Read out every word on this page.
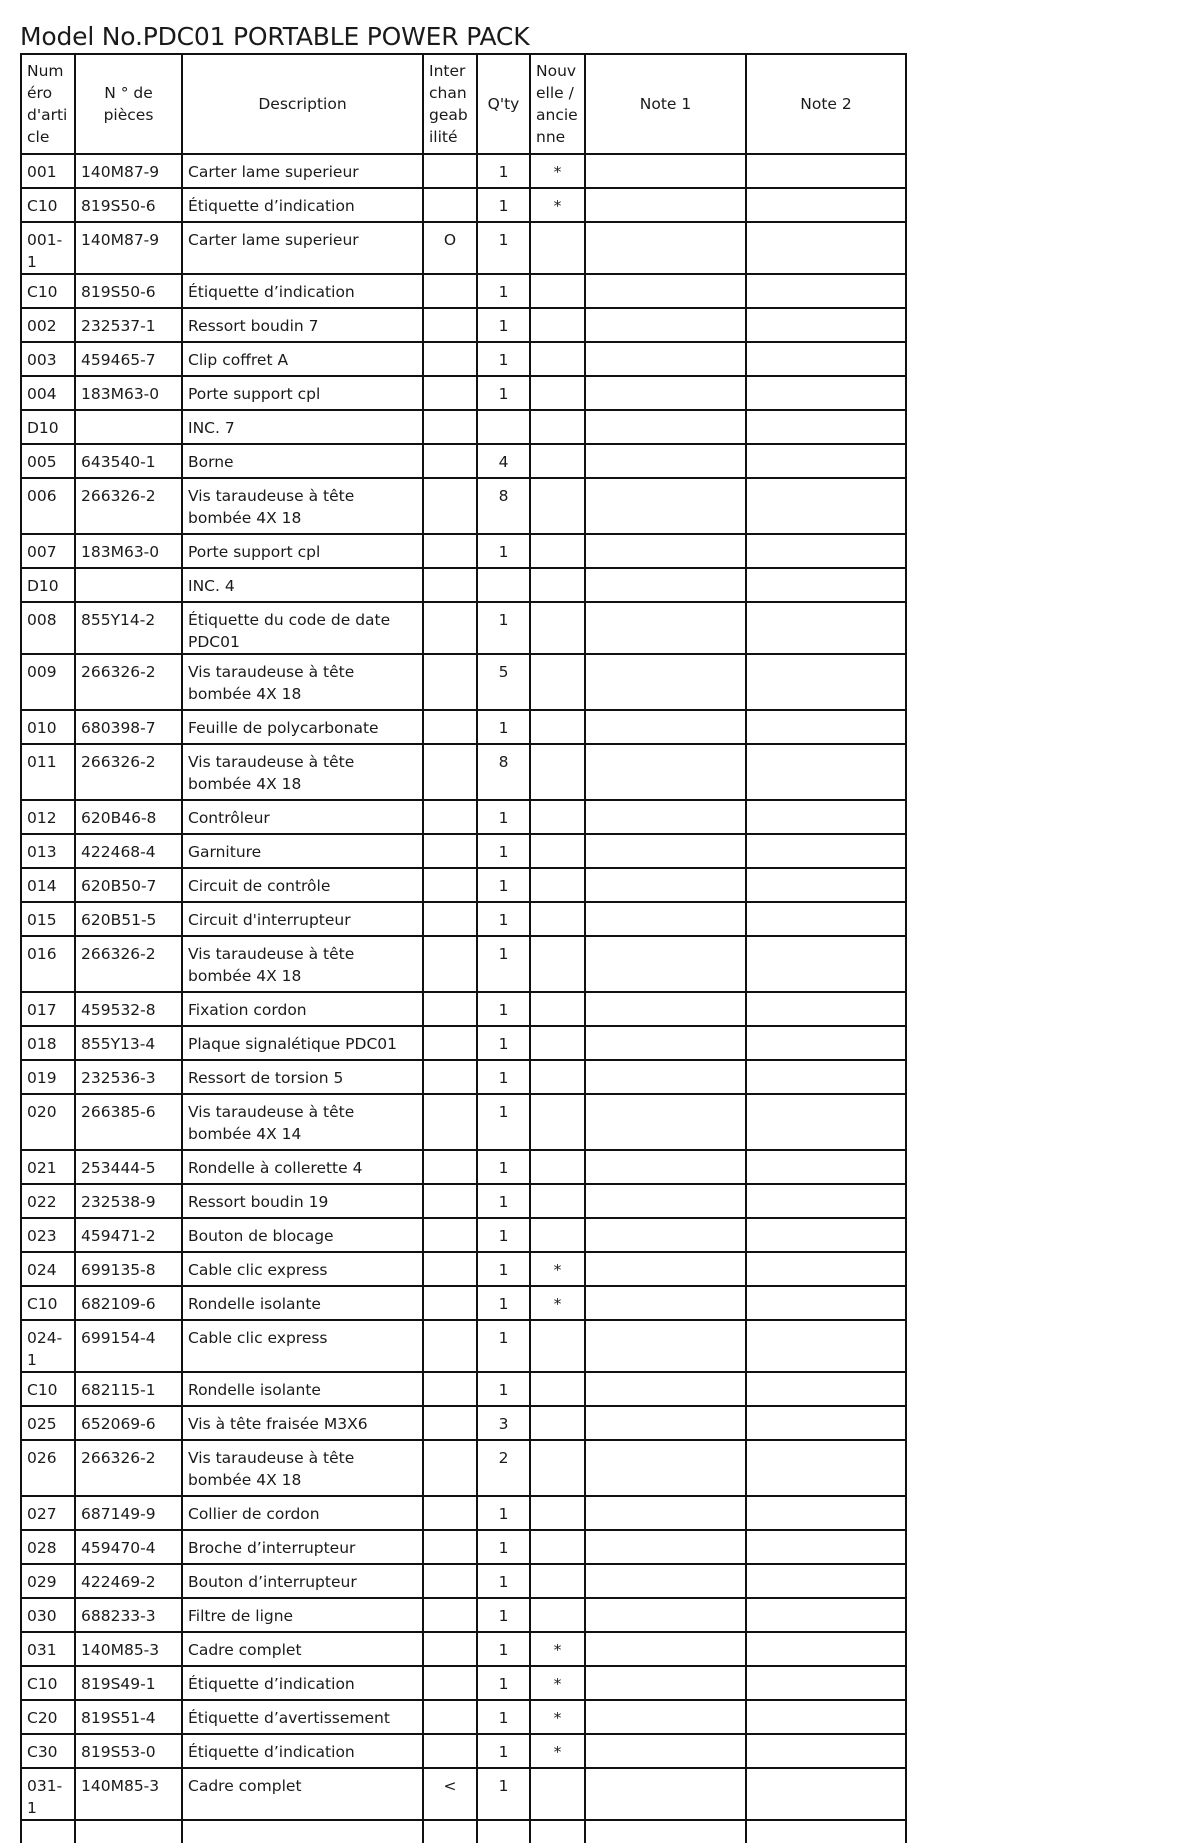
Model No.PDC01 PORTABLE POWER PACK
Numéro d'article	N ° de pièces	Description	Interchangeabilité	Q'ty	Nouvelle / ancienne	Note 1	Note 2
001	140M87-9	Carter lame superieur		1	*		
C10	819S50-6	Étiquette d’indication		1	*		
001-1	140M87-9	Carter lame superieur	O	1			
C10	819S50-6	Étiquette d’indication		1			
002	232537-1	Ressort boudin 7		1			
003	459465-7	Clip coffret A		1			
004	183M63-0	Porte support cpl		1			
D10		INC. 7					
005	643540-1	Borne		4			
006	266326-2	Vis taraudeuse à tête bombée 4X 18		8			
007	183M63-0	Porte support cpl		1			
D10		INC. 4					
008	855Y14-2	Étiquette du code de date PDC01		1			
009	266326-2	Vis taraudeuse à tête bombée 4X 18		5			
010	680398-7	Feuille de polycarbonate		1			
011	266326-2	Vis taraudeuse à tête bombée 4X 18		8			
012	620B46-8	Contrôleur		1			
013	422468-4	Garniture		1			
014	620B50-7	Circuit de contrôle		1			
015	620B51-5	Circuit d'interrupteur		1			
016	266326-2	Vis taraudeuse à tête bombée 4X 18		1			
017	459532-8	Fixation cordon		1			
018	855Y13-4	Plaque signalétique PDC01		1			
019	232536-3	Ressort de torsion 5		1			
020	266385-6	Vis taraudeuse à tête bombée 4X 14		1			
021	253444-5	Rondelle à collerette 4		1			
022	232538-9	Ressort boudin 19		1			
023	459471-2	Bouton de blocage		1			
024	699135-8	Cable clic express		1	*		
C10	682109-6	Rondelle isolante		1	*		
024-1	699154-4	Cable clic express		1			
C10	682115-1	Rondelle isolante		1			
025	652069-6	Vis à tête fraisée M3X6		3			
026	266326-2	Vis taraudeuse à tête bombée 4X 18		2			
027	687149-9	Collier de cordon		1			
028	459470-4	Broche d’interrupteur		1			
029	422469-2	Bouton d’interrupteur		1			
030	688233-3	Filtre de ligne		1			
031	140M85-3	Cadre complet		1	*		
C10	819S49-1	Étiquette d’indication		1	*		
C20	819S51-4	Étiquette d’avertissement		1	*		
C30	819S53-0	Étiquette d’indication		1	*		
031-1	140M85-3	Cadre complet	<	1			
